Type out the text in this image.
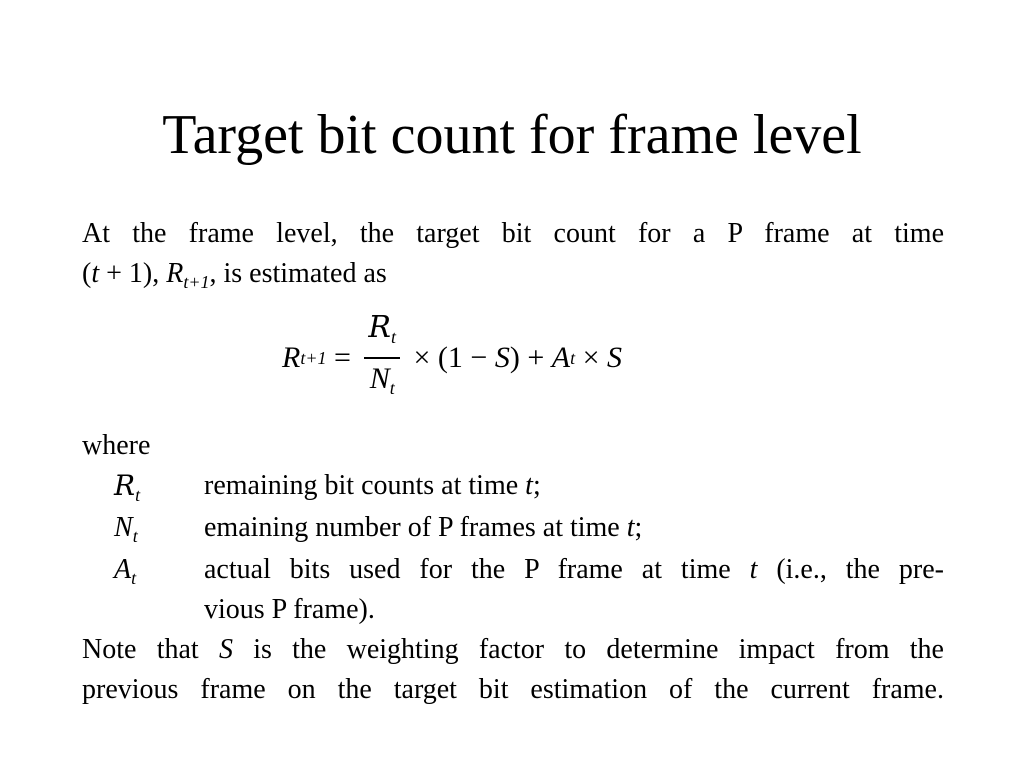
Target bit count for frame level
At the frame level, the target bit count for a P frame at time
(t + 1), $R_{t+1}$, is estimated as
R $t+1 = \frac{R_t}{N_t} \times (1 - S$ ) + A t × S
where
$R_t$	remaining bit counts at time t;
$N_t$	emaining number of P frames at time t;
$A_t$	actual bits used for the P frame at time t (i.e., the pre-
vious P frame).
Note that S is the weighting factor to determine impact from the
previous frame on the target bit estimation of the current frame.
